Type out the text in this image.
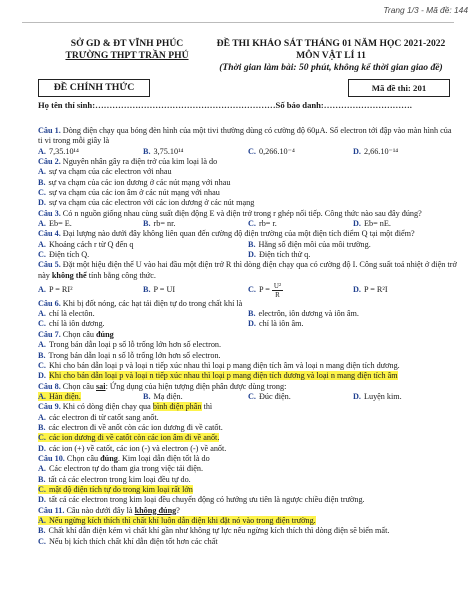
Trang 1/3 - Mã đề: 144
SỞ GD & ĐT VĨNH PHÚC
TRƯỜNG THPT TRẦN PHÚ
ĐỀ THI KHẢO SÁT THÁNG 01 NĂM HỌC 2021-2022
MÔN VẬT LÍ 11
(Thời gian làm bài: 50 phút, không kể thời gian giao đề)
ĐỀ CHÍNH THỨC	Mã đề thi: 201
Họ tên thí sinh:………………………………………………………Số báo danh:………………………….
Câu 1. Dòng điện chạy qua bóng đèn hình của một tivi thường dùng có cường độ 60μA. Số electron tới đập vào màn hình của ti vi trong mỗi giây là
A. 7,35.10¹⁴	B. 3,75.10¹⁴	C. 0,266.10⁻⁴	D. 2,66.10⁻¹⁴
Câu 2. Nguyên nhân gây ra điện trở của kim loại là do
A. sự va chạm của các electron với nhau
B. sự va chạm của các ion dương ở các nút mạng với nhau
C. sự va chạm của các ion âm ở các nút mạng với nhau
D. sự va chạm của các electron với các ion dương ở các nút mạng
Câu 3. Có n nguồn giống nhau cùng suất điện động E và điện trở trong r ghép nối tiếp. Công thức nào sau đây đúng?
A. Eb= E.	B. rb= nr.	C. rb= r.	D. Eb= nE.
Câu 4. Đại lượng nào dưới đây không liên quan đến cường độ điện trường của một điện tích điểm Q tại một điểm?
A. Khoảng cách r từ Q đến q	B. Hằng số điện môi của môi trường.
C. Điện tích Q.	D. Điện tích thử q.
Câu 5. Đặt một hiệu điện thế U vào hai đầu một điện trở R thì dòng điện chạy qua có cường độ I. Công suất toả nhiệt ở điện trở này không thể tính bằng công thức.
A. P = RI²	B. P = UI	C. $P = \frac{\text{U²}}{R}$	D. P = R²I
Câu 6. Khi bị đốt nóng, các hạt tải điện tự do trong chất khí là
A. chỉ là electôn.	B. electrôn, iôn dương và iôn âm.
C. chỉ là iôn dương.	D. chỉ là iôn âm.
Câu 7. Chọn câu đúng
A. Trong bán dẫn loại p số lỗ trống lớn hơn số electron.
B. Trong bán dẫn loại n số lỗ trống lớn hơn số electron.
C. Khi cho bán dẫn loại p và loại n tiếp xúc nhau thì loại p mang điện tích âm và loại n mang điện tích dương.
D. Khi cho bán dẫn loại p và loại n tiếp xúc nhau thì loại p mang điện tích dương và loại n mang điện tích âm
Câu 8. Chọn câu sai: Ứng dụng của hiện tượng điện phân được dùng trong:
A. Hàn điện.	B. Mạ điện.	C. Đúc điện.	D. Luyện kim.
Câu 9. Khi có dòng điện chạy qua bình điện phân thì
A. các electron đi từ catốt sang anốt.
B. các electron đi về anốt còn các ion dương đi về catốt.
C. các ion dương đi về catốt còn các ion âm đi về anốt.
D. các ion (+) về catốt, các ion (-) và electron (-) về anốt.
Câu 10. Chọn câu đúng. Kim loại dẫn điện tốt là do
A. Các electron tự do tham gia trong việc tải điện.
B. tất cả các electron trong kim loại đều tự do.
C. mật độ điện tích tự do trong kim loại rất lớn
D. tất cả các electron trong kim loại đều chuyển động có hướng ưu tiên là ngược chiều điện trường.
Câu 11. Câu nào dưới đây là không đúng?
A. Nếu ngừng kích thích thì chất khí luôn dẫn điện khi đặt nó vào trong điện trường.
B. Chất khí dẫn điện kém vì chất khí gần như không tự lực nếu ngừng kích thích thì dòng điện sẽ biến mất.
C. Nếu bị kích thích chất khí dẫn điện tốt hơn các chất
